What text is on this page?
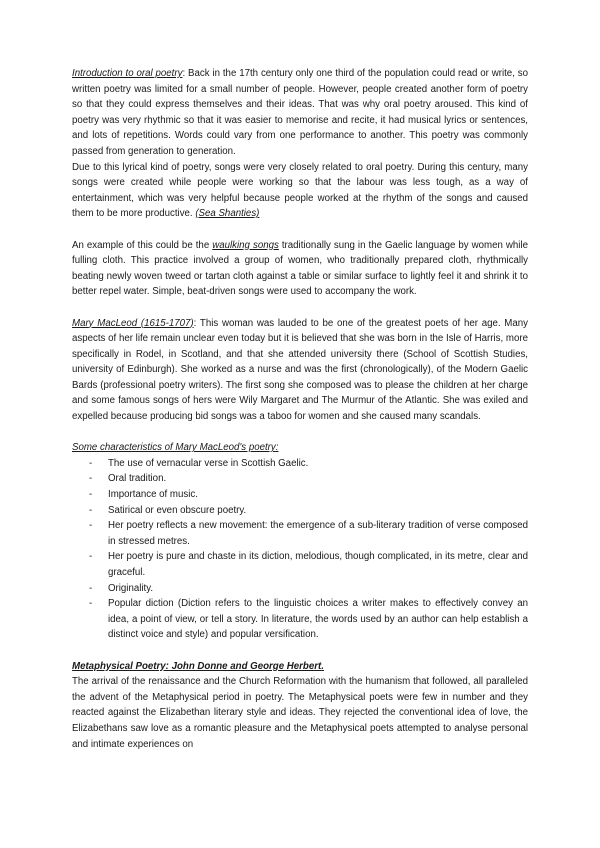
Introduction to oral poetry: Back in the 17th century only one third of the population could read or write, so written poetry was limited for a small number of people. However, people created another form of poetry so that they could express themselves and their ideas. That was why oral poetry aroused. This kind of poetry was very rhythmic so that it was easier to memorise and recite, it had musical lyrics or sentences, and lots of repetitions. Words could vary from one performance to another. This poetry was commonly passed from generation to generation.

Due to this lyrical kind of poetry, songs were very closely related to oral poetry. During this century, many songs were created while people were working so that the labour was less tough, as a way of entertainment, which was very helpful because people worked at the rhythm of the songs and caused them to be more productive. (Sea Shanties)

An example of this could be the waulking songs traditionally sung in the Gaelic language by women while fulling cloth. This practice involved a group of women, who traditionally prepared cloth, rhythmically beating newly woven tweed or tartan cloth against a table or similar surface to lightly feel it and shrink it to better repel water. Simple, beat-driven songs were used to accompany the work.

Mary MacLeod (1615-1707): This woman was lauded to be one of the greatest poets of her age. Many aspects of her life remain unclear even today but it is believed that she was born in the Isle of Harris, more specifically in Rodel, in Scotland, and that she attended university there (School of Scottish Studies, university of Edinburgh). She worked as a nurse and was the first (chronologically), of the Modern Gaelic Bards (professional poetry writers). The first song she composed was to please the children at her charge and some famous songs of hers were Wily Margaret and The Murmur of the Atlantic. She was exiled and expelled because producing bid songs was a taboo for women and she caused many scandals.

Some characteristics of Mary MacLeod's poetry:

- The use of vernacular verse in Scottish Gaelic.
- Oral tradition.
- Importance of music.
- Satirical or even obscure poetry.
- Her poetry reflects a new movement: the emergence of a sub-literary tradition of verse composed in stressed metres.
- Her poetry is pure and chaste in its diction, melodious, though complicated, in its metre, clear and graceful.
- Originality.
- Popular diction (Diction refers to the linguistic choices a writer makes to effectively convey an idea, a point of view, or tell a story. In literature, the words used by an author can help establish a distinct voice and style) and popular versification.

Metaphysical Poetry: John Donne and George Herbert.

The arrival of the renaissance and the Church Reformation with the humanism that followed, all paralleled the advent of the Metaphysical period in poetry. The Metaphysical poets were few in number and they reacted against the Elizabethan literary style and ideas. They rejected the conventional idea of love, the Elizabethans saw love as a romantic pleasure and the Metaphysical poets attempted to analyse personal and intimate experiences on
